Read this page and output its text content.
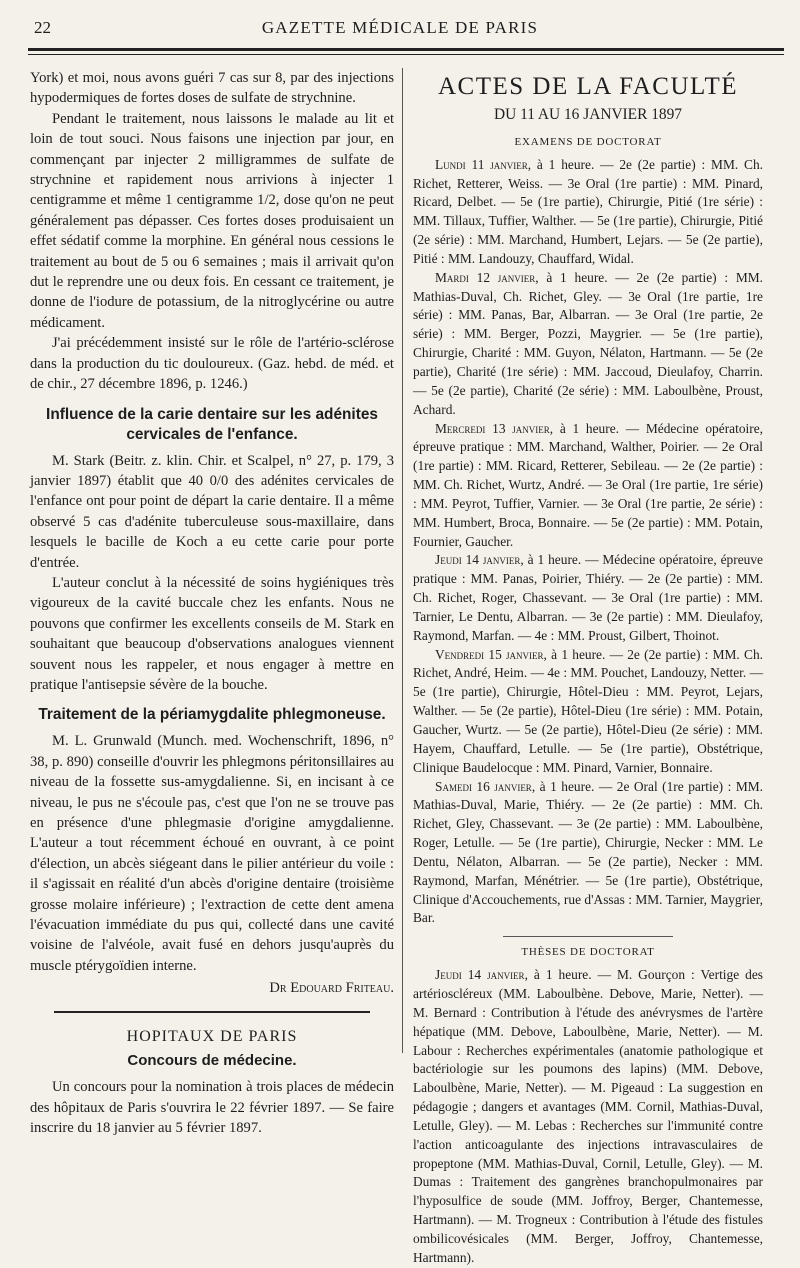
22	GAZETTE MÉDICALE DE PARIS

York) et moi, nous avons guéri 7 cas sur 8, par des injections hypodermiques de fortes doses de sulfate de strychnine.

Pendant le traitement, nous laissons le malade au lit et loin de tout souci. Nous faisons une injection par jour, en commençant par injecter 2 milligrammes de sulfate de strychnine et rapidement nous arrivions à injecter 1 centigramme et même 1 centigramme 1/2, dose qu'on ne peut généralement pas dépasser. Ces fortes doses produisaient un effet sédatif comme la morphine. En général nous cessions le traitement au bout de 5 ou 6 semaines ; mais il arrivait qu'on dut le reprendre une ou deux fois. En cessant ce traitement, je donne de l'iodure de potassium, de la nitroglycérine ou autre médicament.

J'ai précédemment insisté sur le rôle de l'artério-sclérose dans la production du tic douloureux. (Gaz. hebd. de méd. et de chir., 27 décembre 1896, p. 1246.)

Influence de la carie dentaire sur les adénites cervicales de l'enfance.

M. Stark (Beitr. z. klin. Chir. et Scalpel, n° 27, p. 179, 3 janvier 1897) établit que 40 0/0 des adénites cervicales de l'enfance ont pour point de départ la carie dentaire. Il a même observé 5 cas d'adénite tuberculeuse sous-maxillaire, dans lesquels le bacille de Koch a eu cette carie pour porte d'entrée.

L'auteur conclut à la nécessité de soins hygiéniques très vigoureux de la cavité buccale chez les enfants. Nous ne pouvons que confirmer les excellents conseils de M. Stark en souhaitant que beaucoup d'observations analogues viennent souvent nous les rappeler, et nous engager à mettre en pratique l'antisepsie sévère de la bouche.

Traitement de la périamygdalite phlegmoneuse.

M. L. Grunwald (Munch. med. Wochenschrift, 1896, n° 38, p. 890) conseille d'ouvrir les phlegmons péritonsillaires au niveau de la fossette sus-amygdalienne. Si, en incisant à ce niveau, le pus ne s'écoule pas, c'est que l'on ne se trouve pas en présence d'une phlegmasie d'origine amygdalienne. L'auteur a tout récemment échoué en ouvrant, à ce point d'élection, un abcès siégeant dans le pilier antérieur du voile : il s'agissait en réalité d'un abcès d'origine dentaire (troisième grosse molaire inférieure) ; l'extraction de cette dent amena l'évacuation immédiate du pus qui, collecté dans une cavité voisine de l'alvéole, avait fusé en dehors jusqu'auprès du muscle ptérygoïdien interne.

Dr Edouard Friteau.
HOPITAUX DE PARIS
Concours de médecine.

Un concours pour la nomination à trois places de médecin des hôpitaux de Paris s'ouvrira le 22 février 1897. — Se faire inscrire du 18 janvier au 5 février 1897.

ACTES DE LA FACULTÉ
DU 11 AU 16 JANVIER 1897
EXAMENS DE DOCTORAT

Lundi 11 janvier, à 1 heure. — 2e (2e partie) : MM. Ch. Richet, Retterer, Weiss. — 3e Oral (1re partie) : MM. Pinard, Ricard, Delbet. — 5e (1re partie), Chirurgie, Pitié (1re série) : MM. Tillaux, Tuffier, Walther. — 5e (1re partie), Chirurgie, Pitié (2e série) : MM. Marchand, Humbert, Lejars. — 5e (2e partie), Pitié : MM. Landouzy, Chauffard, Widal.

Mardi 12 janvier, à 1 heure. — 2e (2e partie) : MM. Mathias-Duval, Ch. Richet, Gley. — 3e Oral (1re partie, 1re série) : MM. Panas, Bar, Albarran. — 3e Oral (1re partie, 2e série) : MM. Berger, Pozzi, Maygrier. — 5e (1re partie), Chirurgie, Charité : MM. Guyon, Nélaton, Hartmann. — 5e (2e partie), Charité (1re série) : MM. Jaccoud, Dieulafoy, Charrin. — 5e (2e partie), Charité (2e série) : MM. Laboulbène, Proust, Achard.

Mercredi 13 janvier, à 1 heure. — Médecine opératoire, épreuve pratique : MM. Marchand, Walther, Poirier. — 2e Oral (1re partie) : MM. Ricard, Retterer, Sebileau. — 2e (2e partie) : MM. Ch. Richet, Wurtz, André. — 3e Oral (1re partie, 1re série) : MM. Peyrot, Tuffier, Varnier. — 3e Oral (1re partie, 2e série) : MM. Humbert, Broca, Bonnaire. — 5e (2e partie) : MM. Potain, Fournier, Gaucher.

Jeudi 14 janvier, à 1 heure. — Médecine opératoire, épreuve pratique : MM. Panas, Poirier, Thiéry. — 2e (2e partie) : MM. Ch. Richet, Roger, Chassevant. — 3e Oral (1re partie) : MM. Tarnier, Le Dentu, Albarran. — 3e (2e partie) : MM. Dieulafoy, Raymond, Marfan. — 4e : MM. Proust, Gilbert, Thoinot.

Vendredi 15 janvier, à 1 heure. — 2e (2e partie) : MM. Ch. Richet, André, Heim. — 4e : MM. Pouchet, Landouzy, Netter. — 5e (1re partie), Chirurgie, Hôtel-Dieu : MM. Peyrot, Lejars, Walther. — 5e (2e partie), Hôtel-Dieu (1re série) : MM. Potain, Gaucher, Wurtz. — 5e (2e partie), Hôtel-Dieu (2e série) : MM. Hayem, Chauffard, Letulle. — 5e (1re partie), Obstétrique, Clinique Baudelocque : MM. Pinard, Varnier, Bonnaire.

Samedi 16 janvier, à 1 heure. — 2e Oral (1re partie) : MM. Mathias-Duval, Marie, Thiéry. — 2e (2e partie) : MM. Ch. Richet, Gley, Chassevant. — 3e (2e partie) : MM. Laboulbène, Roger, Letulle. — 5e (1re partie), Chirurgie, Necker : MM. Le Dentu, Nélaton, Albarran. — 5e (2e partie), Necker : MM. Raymond, Marfan, Ménétrier. — 5e (1re partie), Obstétrique, Clinique d'Accouchements, rue d'Assas : MM. Tarnier, Maygrier, Bar.

THÈSES DE DOCTORAT

Jeudi 14 janvier, à 1 heure. — M. Gourçon : Vertige des artérioscléreux (MM. Laboulbène. Debove, Marie, Netter). — M. Bernard : Contribution à l'étude des anévrysmes de l'artère hépatique (MM. Debove, Laboulbène, Marie, Netter). — M. Labour : Recherches expérimentales (anatomie pathologique et bactériologie sur les poumons des lapins) (MM. Debove, Laboulbène, Marie, Netter). — M. Pigeaud : La suggestion en pédagogie ; dangers et avantages (MM. Cornil, Mathias-Duval, Letulle, Gley). — M. Lebas : Recherches sur l'immunité contre l'action anticoagulante des injections intravasculaires de propeptone (MM. Mathias-Duval, Cornil, Letulle, Gley). — M. Dumas : Traitement des gangrènes branchopulmonaires par l'hyposulfice de soude (MM. Joffroy, Berger, Chantemesse, Hartmann). — M. Trogneux : Contribution à l'étude des fistules ombilicovésicales (MM. Berger, Joffroy, Chantemesse, Hartmann).
